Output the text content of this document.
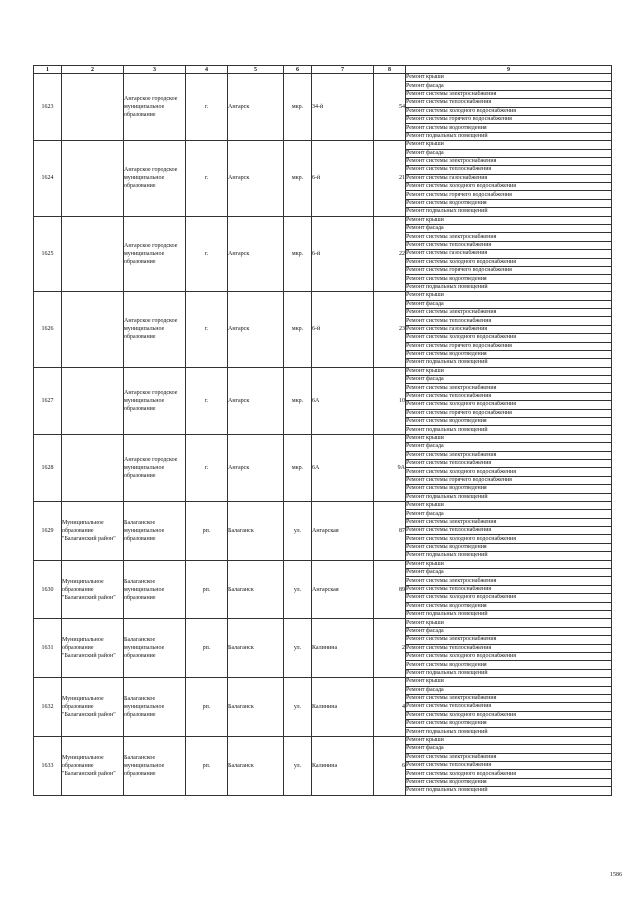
1	2	3	4	5	6	7	8	9
1623		Ангарское городское муниципальное образование	г.	Ангарск	мкр.	34-й	54	Ремонт крыши
								Ремонт фасада
								Ремонт системы электроснабжения
								Ремонт системы теплоснабжения
								Ремонт системы холодного водоснабжения
								Ремонт системы горячего водоснабжения
								Ремонт системы водоотведения
								Ремонт подвальных помещений
1624		Ангарское городское муниципальное образование	г.	Ангарск	мкр.	6-й	21	Ремонт крыши
								Ремонт фасада
								Ремонт системы электроснабжения
								Ремонт системы теплоснабжения
								Ремонт системы газоснабжения
								Ремонт системы холодного водоснабжения
								Ремонт системы горячего водоснабжения
								Ремонт системы водоотведения
								Ремонт подвальных помещений
1625		Ангарское городское муниципальное образование	г.	Ангарск	мкр.	6-й	22	Ремонт крыши
								Ремонт фасада
								Ремонт системы электроснабжения
								Ремонт системы теплоснабжения
								Ремонт системы газоснабжения
								Ремонт системы холодного водоснабжения
								Ремонт системы горячего водоснабжения
								Ремонт системы водоотведения
								Ремонт подвальных помещений
1626		Ангарское городское муниципальное образование	г.	Ангарск	мкр.	6-й	23	Ремонт крыши
								Ремонт фасада
								Ремонт системы электроснабжения
								Ремонт системы теплоснабжения
								Ремонт системы газоснабжения
								Ремонт системы холодного водоснабжения
								Ремонт системы горячего водоснабжения
								Ремонт системы водоотведения
								Ремонт подвальных помещений
1627		Ангарское городское муниципальное образование	г.	Ангарск	мкр.	6А	10	Ремонт крыши
								Ремонт фасада
								Ремонт системы электроснабжения
								Ремонт системы теплоснабжения
								Ремонт системы холодного водоснабжения
								Ремонт системы горячего водоснабжения
								Ремонт системы водоотведения
								Ремонт подвальных помещений
1628		Ангарское городское муниципальное образование	г.	Ангарск	мкр.	6А	9А	Ремонт крыши
								Ремонт фасада
								Ремонт системы электроснабжения
								Ремонт системы теплоснабжения
								Ремонт системы холодного водоснабжения
								Ремонт системы горячего водоснабжения
								Ремонт системы водоотведения
								Ремонт подвальных помещений
1629	Муниципальное образование "Балаганский район"	Балаганское муниципальное образование	рп.	Балаганск	ул.	Ангарская	87	Ремонт крыши
								Ремонт фасада
								Ремонт системы электроснабжения
								Ремонт системы теплоснабжения
								Ремонт системы холодного водоснабжения
								Ремонт системы водоотведения
								Ремонт подвальных помещений
1630	Муниципальное образование "Балаганский район"	Балаганское муниципальное образование	рп.	Балаганск	ул.	Ангарская	89	Ремонт крыши
								Ремонт фасада
								Ремонт системы электроснабжения
								Ремонт системы теплоснабжения
								Ремонт системы холодного водоснабжения
								Ремонт системы водоотведения
								Ремонт подвальных помещений
1631	Муниципальное образование "Балаганский район"	Балаганское муниципальное образование	рп.	Балаганск	ул.	Калинина	2	Ремонт крыши
								Ремонт фасада
								Ремонт системы электроснабжения
								Ремонт системы теплоснабжения
								Ремонт системы холодного водоснабжения
								Ремонт системы водоотведения
								Ремонт подвальных помещений
1632	Муниципальное образование "Балаганский район"	Балаганское муниципальное образование	рп.	Балаганск	ул.	Калинина	4	Ремонт крыши
								Ремонт фасада
								Ремонт системы электроснабжения
								Ремонт системы теплоснабжения
								Ремонт системы холодного водоснабжения
								Ремонт системы водоотведения
								Ремонт подвальных помещений
1633	Муниципальное образование "Балаганский район"	Балаганское муниципальное образование	рп.	Балаганск	ул.	Калинина	6	Ремонт крыши
								Ремонт фасада
								Ремонт системы электроснабжения
								Ремонт системы теплоснабжения
								Ремонт системы холодного водоснабжения
								Ремонт системы водоотведения
								Ремонт подвальных помещений
1586
